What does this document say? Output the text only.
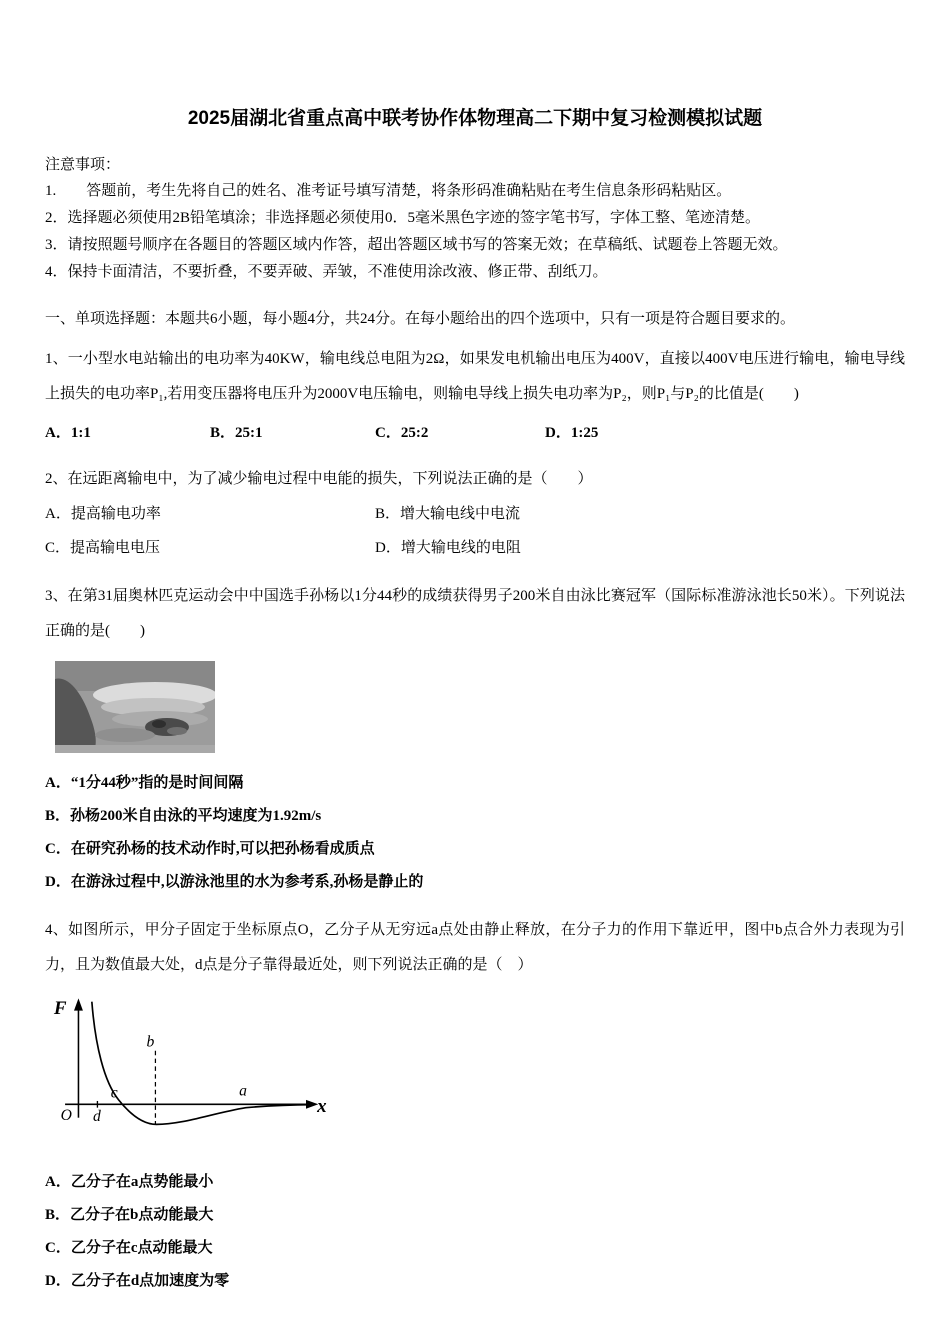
2025届湖北省重点高中联考协作体物理高二下期中复习检测模拟试题
注意事项：
1.　　答题前，考生先将自己的姓名、准考证号填写清楚，将条形码准确粘贴在考生信息条形码粘贴区。
2．选择题必须使用2B铅笔填涂；非选择题必须使用0．5毫米黑色字迹的签字笔书写，字体工整、笔迹清楚。
3．请按照题号顺序在各题目的答题区域内作答，超出答题区域书写的答案无效；在草稿纸、试题卷上答题无效。
4．保持卡面清洁，不要折叠，不要弄破、弄皱，不准使用涂改液、修正带、刮纸刀。
一、单项选择题：本题共6小题，每小题4分，共24分。在每小题给出的四个选项中，只有一项是符合题目要求的。
1、一小型水电站输出的电功率为40KW，输电线总电阻为2Ω，如果发电机输出电压为400V，直接以400V电压进行输电，输电导线上损失的电功率P₁,若用变压器将电压升为2000V电压输电，则输电导线上损失电功率为P₂，则P₁与P₂的比值是(　　)
A．1:1	B．25:1	C．25:2	D．1:25
2、在远距离输电中，为了减少输电过程中电能的损失，下列说法正确的是（　　）
A．提高输电功率	B．增大输电线中电流
C．提高输电电压	D．增大输电线的电阻
3、在第31届奥林匹克运动会中中国选手孙杨以1分44秒的成绩获得男子200米自由泳比赛冠军（国际标准游泳池长50米）。下列说法正确的是(　　)
A．“1分44秒”指的是时间间隔
B．孙杨200米自由泳的平均速度为1.92m/s
C．在研究孙杨的技术动作时,可以把孙杨看成质点
D．在游泳过程中,以游泳池里的水为参考系,孙杨是静止的
4、如图所示，甲分子固定于坐标原点O，乙分子从无穷远a点处由静止释放，在分子力的作用下靠近甲，图中b点合外力表现为引力，且为数值最大处，d点是分子靠得最近处，则下列说法正确的是（　）
F
x
O d
c
b
a
A．乙分子在a点势能最小
B．乙分子在b点动能最大
C．乙分子在c点动能最大
D．乙分子在d点加速度为零
